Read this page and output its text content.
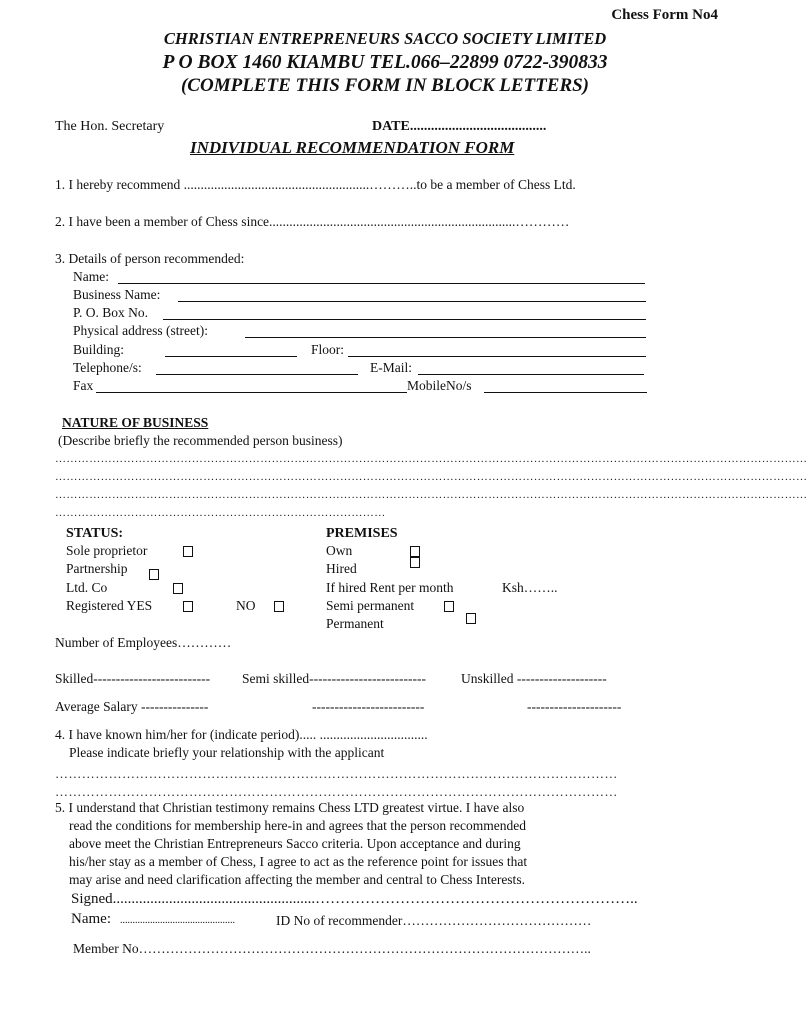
Chess Form No4
CHRISTIAN ENTREPRENEURS SACCO SOCIETY LIMITED
P O BOX 1460 KIAMBU TEL.066–22899 0722-390833
(COMPLETE THIS FORM IN BLOCK LETTERS)
The Hon. Secretary	DATE.......................................
INDIVIDUAL RECOMMENDATION FORM
1. I hereby recommend .......................................................………..to be a member of Chess Ltd.
2. I have been a member of Chess since.........................................................................…………
3. Details of person recommended:
Name:
Business Name:
P. O. Box No.
Physical address (street):
Building:	Floor:
Telephone/s:	E-Mail:
Fax	MobileNo/s
NATURE OF BUSINESS
(Describe briefly the recommended person business)
………………………………………………………………………………………………………………………………………………………………………………
………………………………………………………………………………………………………………………………………………………………………………
………………………………………………………………………………………………………………………………………………………………………………
……………………………………………………………………………
STATUS:
Sole proprietor
Partnership
Ltd. Co
Registered YES	NO
PREMISES
Own
Hired
If hired Rent per month	Ksh……..
Semi permanent
Permanent
Number of Employees…………
Skilled-------------------------- Semi skilled--------------------------	Unskilled --------------------
Average Salary ---------------	-------------------------	---------------------
4. I have known him/her for (indicate period)..... ................................
Please indicate briefly your relationship with the applicant
………………………………………………………………………………………………………………
………………………………………………………………………………………………………………
5. I understand that Christian testimony remains Chess LTD greatest virtue. I have also
read the conditions for membership here-in and agrees that the person recommended
above meet the Christian Entrepreneurs Sacco criteria. Upon acceptance and during
his/her stay as a member of Chess, I agree to act as the reference point for issues that
may arise and need clarification affecting the member and central to Chess Interests.
Signed......................................................………………………………………………………..
Name: ..............................................	ID No of recommender……………………………………
Member No………………………………………………………………………………………..
